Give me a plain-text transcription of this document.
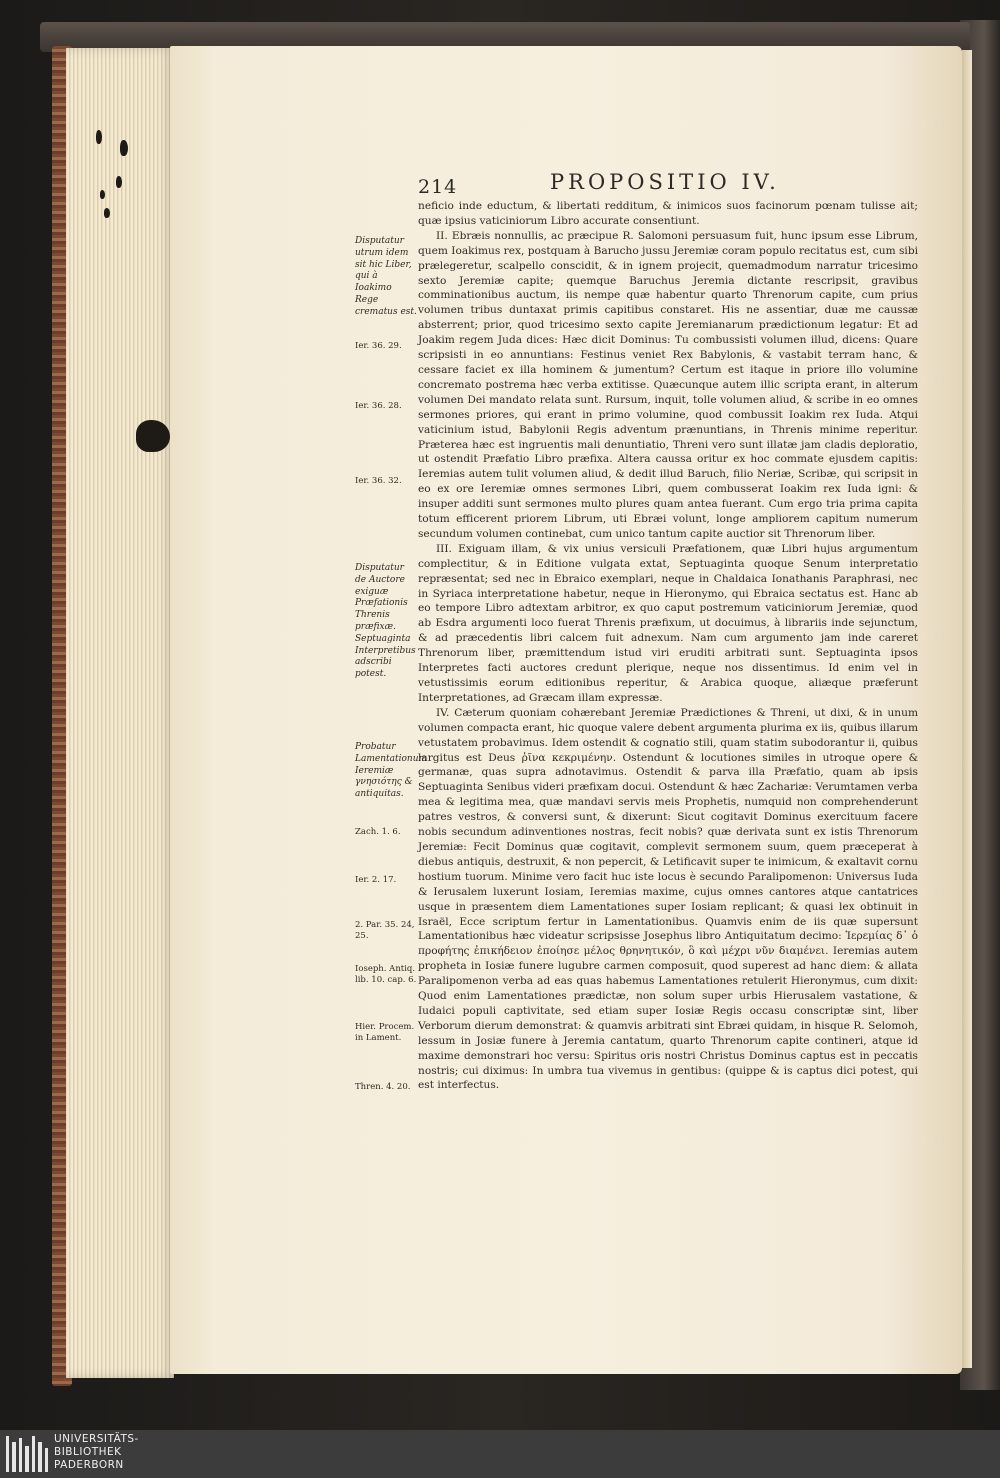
214	PROPOSITIO IV.
Disputatur utrum idem sit hic Liber, qui à Ioakimo Rege crematus est.
Ier. 36. 29.
Ier. 36. 28.
Ier. 36. 32.
Disputatur de Auctore exiguæ Præfationis Threnis præfixæ. Septuaginta Interpretibus adscribi potest.
Probatur Lamentationum Ieremiæ γνησιότης & antiquitas.
Zach. 1. 6.
Ier. 2. 17.
2. Par. 35. 24, 25.
Ioseph. Antiq. lib. 10. cap. 6.
Hier. Procem. in Lament.
Thren. 4. 20.

neficio inde eductum, & libertati redditum, & inimicos suos facinorum pœnam tulisse ait; quæ ipsius vaticiniorum Libro accurate consentiunt.

II. Ebræis nonnullis, ac præcipue R. Salomoni persuasum fuit, hunc ipsum esse Librum, quem Ioakimus rex, postquam à Barucho jussu Jeremiæ coram populo recitatus est, cum sibi prælegeretur, scalpello conscidit, & in ignem projecit, quemadmodum narratur tricesimo sexto Jeremiæ capite; quemque Baruchus Jeremia dictante rescripsit, gravibus comminationibus auctum, iis nempe quæ habentur quarto Threnorum capite, cum prius volumen tribus duntaxat primis capitibus constaret. His ne assentiar, duæ me caussæ absterrent; prior, quod tricesimo sexto capite Jeremianarum prædictionum legatur: Et ad Joakim regem Juda dices: Hæc dicit Dominus: Tu combussisti volumen illud, dicens: Quare scripsisti in eo annuntians: Festinus veniet Rex Babylonis, & vastabit terram hanc, & cessare faciet ex illa hominem & jumentum? Certum est itaque in priore illo volumine concremato postrema hæc verba extitisse. Quæcunque autem illic scripta erant, in alterum volumen Dei mandato relata sunt. Rursum, inquit, tolle volumen aliud, & scribe in eo omnes sermones priores, qui erant in primo volumine, quod combussit Ioakim rex Iuda. Atqui vaticinium istud, Babylonii Regis adventum prænuntians, in Threnis minime reperitur. Præterea hæc est ingruentis mali denuntiatio, Threni vero sunt illatæ jam cladis deploratio, ut ostendit Præfatio Libro præfixa. Altera caussa oritur ex hoc commate ejusdem capitis: Ieremias autem tulit volumen aliud, & dedit illud Baruch, filio Neriæ, Scribæ, qui scripsit in eo ex ore Ieremiæ omnes sermones Libri, quem combusserat Ioakim rex Iuda igni: & insuper additi sunt sermones multo plures quam antea fuerant. Cum ergo tria prima capita totum efficerent priorem Librum, uti Ebræi volunt, longe ampliorem capitum numerum secundum volumen continebat, cum unico tantum capite auctior sit Threnorum liber.

III. Exiguam illam, & vix unius versiculi Præfationem, quæ Libri hujus argumentum complectitur, & in Editione vulgata extat, Septuaginta quoque Senum interpretatio repræsentat; sed nec in Ebraico exemplari, neque in Chaldaica Ionathanis Paraphrasi, nec in Syriaca interpretatione habetur, neque in Hieronymo, qui Ebraica sectatus est. Hanc ab eo tempore Libro adtextam arbitror, ex quo caput postremum vaticiniorum Jeremiæ, quod ab Esdra argumenti loco fuerat Threnis præfixum, ut docuimus, à librariis inde sejunctum, & ad præcedentis libri calcem fuit adnexum. Nam cum argumento jam inde careret Threnorum liber, præmittendum istud viri eruditi arbitrati sunt. Septuaginta ipsos Interpretes facti auctores credunt plerique, neque nos dissentimus. Id enim vel in vetustissimis eorum editionibus reperitur, & Arabica quoque, aliæque præferunt Interpretationes, ad Græcam illam expressæ.

IV. Cæterum quoniam cohærebant Jeremiæ Prædictiones & Threni, ut dixi, & in unum volumen compacta erant, hic quoque valere debent argumenta plurima ex iis, quibus illarum vetustatem probavimus. Idem ostendit & cognatio stili, quam statim subodorantur ii, quibus largitus est Deus ῥῖνα κεκριμένην. Ostendunt & locutiones similes in utroque opere & germanæ, quas supra adnotavimus. Ostendit & parva illa Præfatio, quam ab ipsis Septuaginta Senibus videri præfixam docui. Ostendunt & hæc Zachariæ: Verumtamen verba mea & legitima mea, quæ mandavi servis meis Prophetis, numquid non comprehenderunt patres vestros, & conversi sunt, & dixerunt: Sicut cogitavit Dominus exercituum facere nobis secundum adinventiones nostras, fecit nobis? quæ derivata sunt ex istis Threnorum Jeremiæ: Fecit Dominus quæ cogitavit, complevit sermonem suum, quem præceperat à diebus antiquis, destruxit, & non pepercit, & Letificavit super te inimicum, & exaltavit cornu hostium tuorum. Minime vero facit huc iste locus è secundo Paralipomenon: Universus Iuda & Ierusalem luxerunt Iosiam, Ieremias maxime, cujus omnes cantores atque cantatrices usque in præsentem diem Lamentationes super Iosiam replicant; & quasi lex obtinuit in Israël, Ecce scriptum fertur in Lamentationibus. Quamvis enim de iis quæ supersunt Lamentationibus hæc videatur scripsisse Josephus libro Antiquitatum decimo: Ἱερεμίας δ᾽ ὁ προφήτης ἐπικήδειον ἐποίησε μέλος θρηνητικόν, ὃ καὶ μέχρι νῦν διαμένει. Ieremias autem propheta in Iosiæ funere lugubre carmen composuit, quod superest ad hanc diem: & allata Paralipomenon verba ad eas quas habemus Lamentationes retulerit Hieronymus, cum dixit: Quod enim Lamentationes prædictæ, non solum super urbis Hierusalem vastatione, & Iudaici populi captivitate, sed etiam super Iosiæ Regis occasu conscriptæ sint, liber Verborum dierum demonstrat: & quamvis arbitrati sint Ebræi quidam, in hisque R. Selomoh, lessum in Josiæ funere à Jeremia cantatum, quarto Threnorum capite contineri, atque id maxime demonstrari hoc versu: Spiritus oris nostri Christus Dominus captus est in peccatis nostris; cui diximus: In umbra tua vivemus in gentibus: (quippe & is captus dici potest, qui est interfectus.

UNIVERSITÄTS-
BIBLIOTHEK
PADERBORN
